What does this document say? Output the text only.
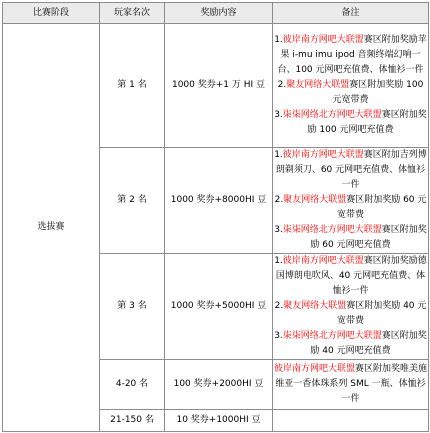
比赛阶段	玩家名次	奖励内容	备注
选拔赛	第 1 名	1000 奖券+1 万 HI 豆	1.彼岸南方网吧大联盟赛区附加奖励苹果 i-mu imu ipod 音频终端幻响一台、100 元网吧充值费、体恤衫一件
2.聚友网络大联盟赛区附加奖励 100 元宽带费
3.柒柒网络北方网吧大联盟赛区附加奖励 100 元网吧充值费

	第 2 名	1000 奖券+8000HI 豆	1.彼岸南方网吧大联盟赛区附加吉列博朗剃须刀、60 元网吧充值费、体恤衫一件
2.聚友网络大联盟赛区附加奖励 60 元宽带费
3.柒柒网络北方网吧大联盟赛区附加奖励 60 元网吧充值费

	第 3 名	1000 奖券+5000HI 豆	1.彼岸南方网吧大联盟赛区附加奖励德国博朗电吹风、40 元网吧充值费、体恤衫一件
2.聚友网络大联盟赛区附加奖励 40 元宽带费
3.柒柒网络北方网吧大联盟赛区附加奖励 40 元网吧充值费

	4-20 名	100 奖券+2000HI 豆	彼岸南方网吧大联盟赛区附加奖唯美施维亚一香体珠系列 SML 一瓶、体恤衫一件

	21-150 名	10 奖券+1000HI 豆	
